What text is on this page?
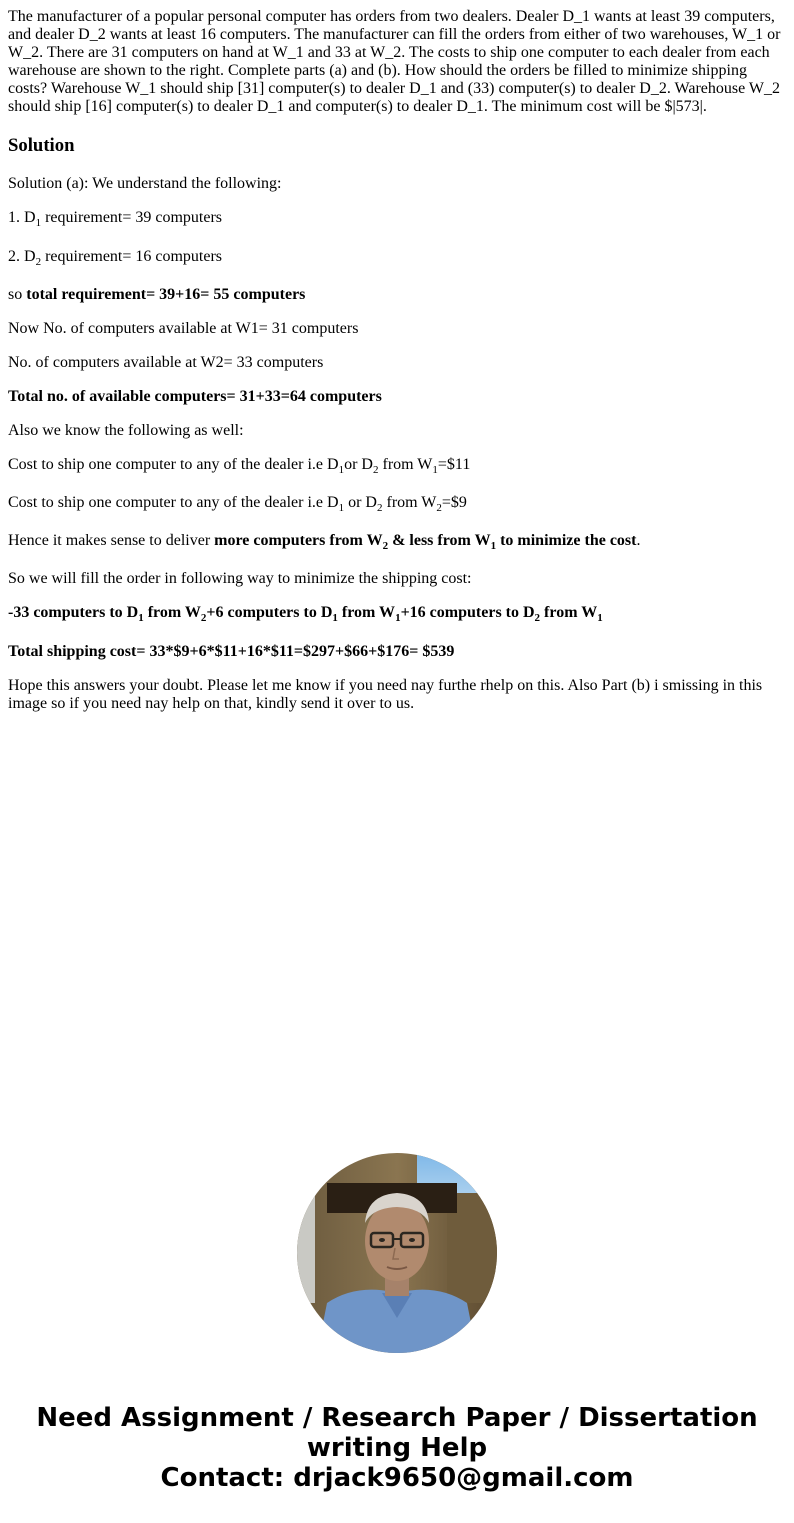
The manufacturer of a popular personal computer has orders from two dealers. Dealer D_1 wants at least 39 computers, and dealer D_2 wants at least 16 computers. The manufacturer can fill the orders from either of two warehouses, W_1 or W_2. There are 31 computers on hand at W_1 and 33 at W_2. The costs to ship one computer to each dealer from each warehouse are shown to the right. Complete parts (a) and (b). How should the orders be filled to minimize shipping costs? Warehouse W_1 should ship [31] computer(s) to dealer D_1 and (33) computer(s) to dealer D_2. Warehouse W_2 should ship [16] computer(s) to dealer D_1 and computer(s) to dealer D_1. The minimum cost will be $|573|.

Solution

Solution (a): We understand the following:

1. $D_1$ requirement= 39 computers

2. $D_2$ requirement= 16 computers

so total requirement= 39+16= 55 computers

Now No. of computers available at W1= 31 computers

No. of computers available at W2= 33 computers

Total no. of available computers= 31+33=64 computers

Also we know the following as well:

Cost to ship one computer to any of the dealer i.e $D_1or$ $D_2$ from $W_1=\$11$

Cost to ship one computer to any of the dealer i.e $D_1$ or $D_2$ from $W_2=\$9$

Hence it makes sense to deliver more computers from $W_2$ & less from $W_1$ to minimize the cost.

So we will fill the order in following way to minimize the shipping cost:

-33 computers to $D_1$ from $W_2+6$ computers to $D_1$ from $W_1+16$ computers to $D_2$ from $W_1$

Total shipping cost= 33*$9+6*$11+16*$11=$297+$66+$176= $539

Hope this answers your doubt. Please let me know if you need nay furthe rhelp on this. Also Part (b) i smissing in this image so if you need nay help on that, kindly send it over to us.

Need Assignment / Research Paper / Dissertation
writing Help
Contact: drjack9650@gmail.com
